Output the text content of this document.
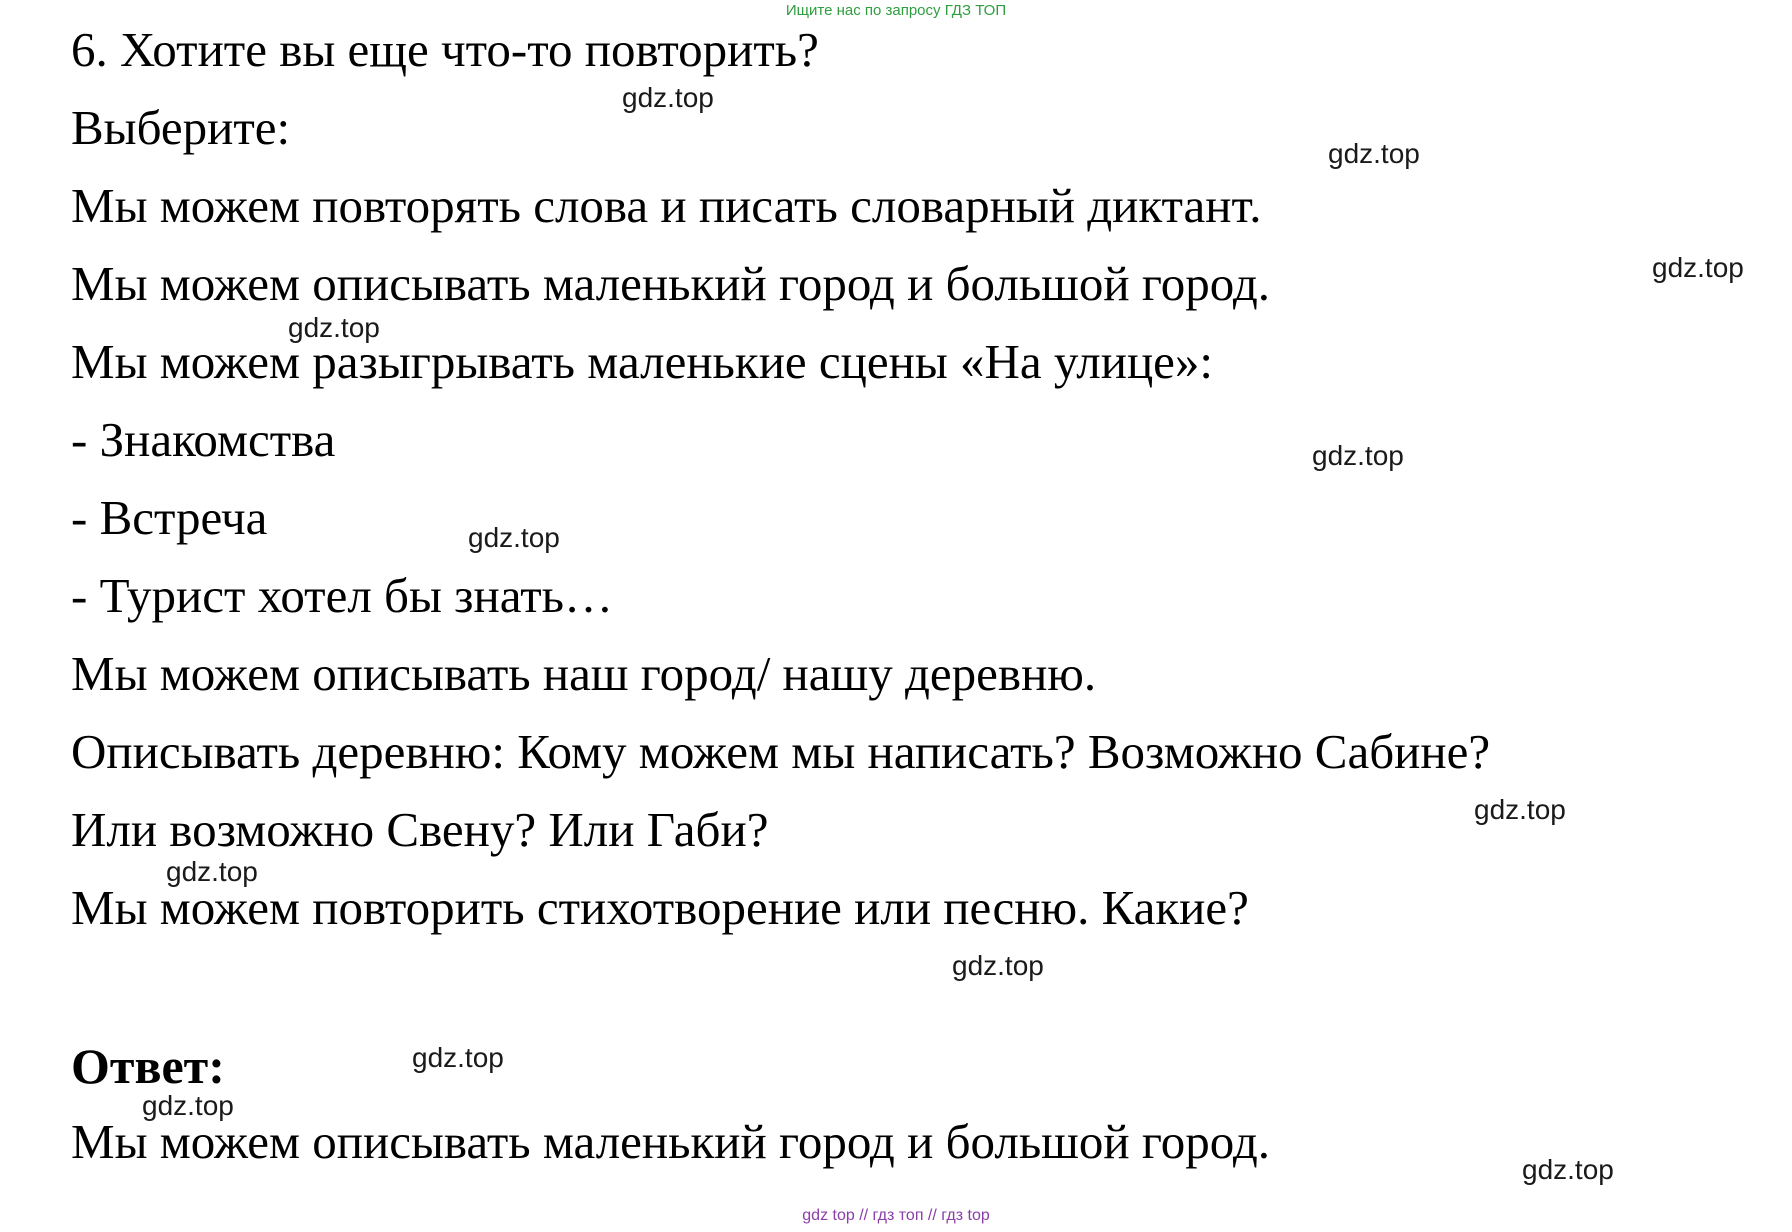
Ищите нас по запросу ГДЗ ТОП
6. Хотите вы еще что-то повторить?
Выберите:
Мы можем повторять слова и писать словарный диктант.
Мы можем описывать маленький город и большой город.
Мы можем разыгрывать маленькие сцены «На улице»:
- Знакомства
- Встреча
- Турист хотел бы знать…
Мы можем описывать наш город/ нашу деревню.
Описывать деревню: Кому можем мы написать? Возможно Сабине?
Или возможно Свену? Или Габи?
Мы можем повторить стихотворение или песню. Какие?
Ответ:
Мы можем описывать маленький город и большой город.
gdz.top
gdz.top
gdz.top
gdz.top
gdz.top
gdz.top
gdz.top
gdz.top
gdz.top
gdz.top
gdz.top
gdz.top
gdz top // гдз топ // гдз top
